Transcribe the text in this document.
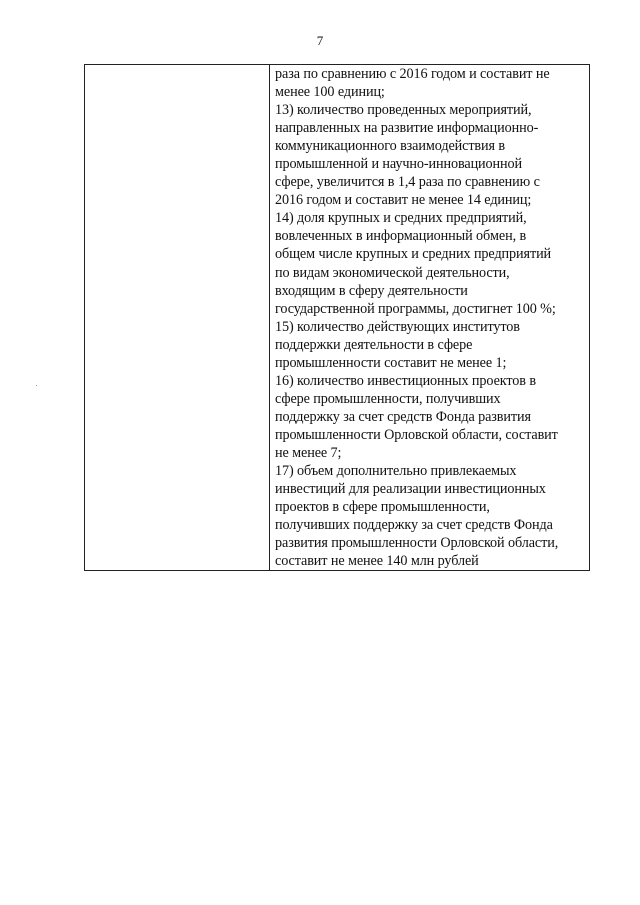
7

раза по сравнению с 2016 годом и составит не
менее 100 единиц;
13) количество проведенных мероприятий,
направленных на развитие информационно-
коммуникационного взаимодействия в
промышленной и научно-инновационной
сфере, увеличится в 1,4 раза по сравнению с
2016 годом и составит не менее 14 единиц;
14) доля крупных и средних предприятий,
вовлеченных в информационный обмен, в
общем числе крупных и средних предприятий
по видам экономической деятельности,
входящим в сферу деятельности
государственной программы, достигнет 100 %;
15) количество действующих институтов
поддержки деятельности в сфере
промышленности составит не менее 1;
16) количество инвестиционных проектов в
сфере промышленности, получивших
поддержку за счет средств Фонда развития
промышленности Орловской области, составит
не менее 7;
17) объем дополнительно привлекаемых
инвестиций для реализации инвестиционных
проектов в сфере промышленности,
получивших поддержку за счет средств Фонда
развития промышленности Орловской области,
составит не менее 140 млн рублей
